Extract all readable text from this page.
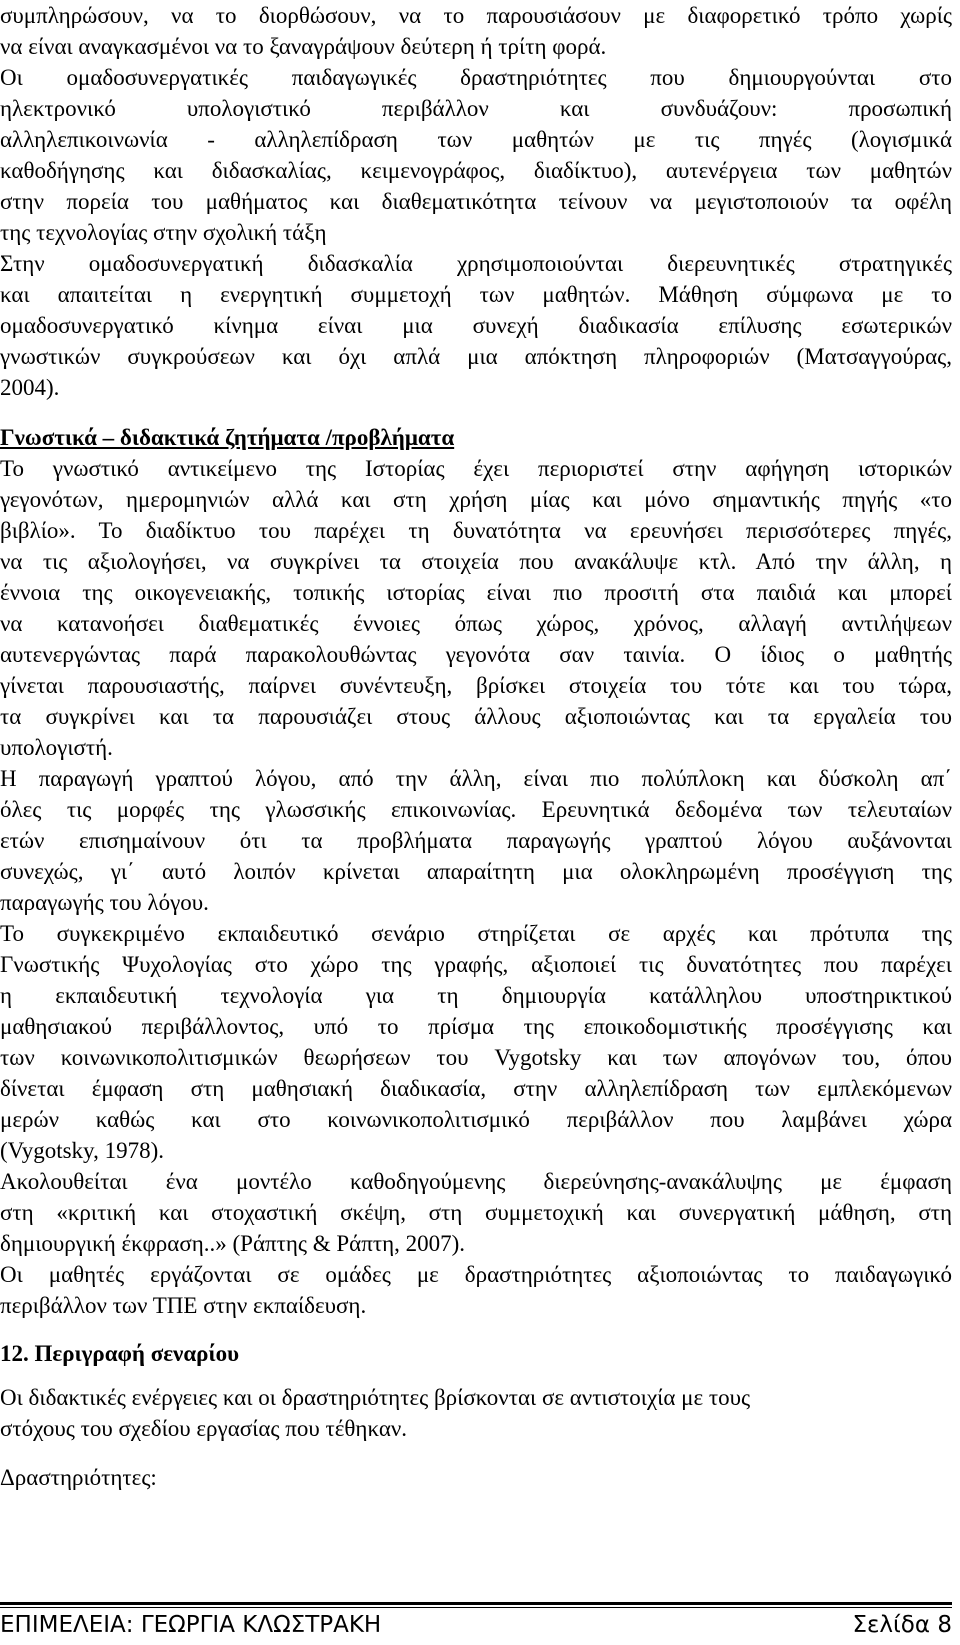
συμπληρώσουν, να το διορθώσουν, να το παρουσιάσουν με διαφορετικό τρόπο χωρίς
να είναι αναγκασμένοι να το ξαναγράψουν δεύτερη ή τρίτη φορά.
Οι ομαδοσυνεργατικές παιδαγωγικές δραστηριότητες που δημιουργούνται στο
ηλεκτρονικό υπολογιστικό περιβάλλον και συνδυάζουν: προσωπική
αλληλεπικοινωνία - αλληλεπίδραση των μαθητών με τις πηγές (λογισμικά
καθοδήγησης και διδασκαλίας, κειμενογράφος, διαδίκτυο), αυτενέργεια των μαθητών
στην πορεία του μαθήματος και διαθεματικότητα τείνουν να μεγιστοποιούν τα οφέλη
της τεχνολογίας στην σχολική τάξη
Στην ομαδοσυνεργατική διδασκαλία χρησιμοποιούνται διερευνητικές στρατηγικές
και απαιτείται η ενεργητική συμμετοχή των μαθητών. Μάθηση σύμφωνα με το
ομαδοσυνεργατικό κίνημα είναι μια συνεχή διαδικασία επίλυσης εσωτερικών
γνωστικών συγκρούσεων και όχι απλά μια απόκτηση πληροφοριών (Ματσαγγούρας,
2004).
Γνωστικά – διδακτικά ζητήματα /προβλήματα
Το γνωστικό αντικείμενο της Ιστορίας έχει περιοριστεί στην αφήγηση ιστορικών
γεγονότων, ημερομηνιών αλλά και στη χρήση μίας και μόνο σημαντικής πηγής «το
βιβλίο». Το διαδίκτυο του παρέχει τη δυνατότητα να ερευνήσει περισσότερες πηγές,
να τις αξιολογήσει, να συγκρίνει τα στοιχεία που ανακάλυψε κτλ. Από την άλλη, η
έννοια της οικογενειακής, τοπικής ιστορίας είναι πιο προσιτή στα παιδιά και μπορεί
να κατανοήσει διαθεματικές έννοιες όπως χώρος, χρόνος, αλλαγή αντιλήψεων
αυτενεργώντας παρά παρακολουθώντας γεγονότα σαν ταινία. Ο ίδιος ο μαθητής
γίνεται παρουσιαστής, παίρνει συνέντευξη, βρίσκει στοιχεία του τότε και του τώρα,
τα συγκρίνει και τα παρουσιάζει στους άλλους αξιοποιώντας και τα εργαλεία του
υπολογιστή.
Η παραγωγή γραπτού λόγου, από την άλλη, είναι πιο πολύπλοκη και δύσκολη απ΄
όλες τις μορφές της γλωσσικής επικοινωνίας. Ερευνητικά δεδομένα των τελευταίων
ετών επισημαίνουν ότι τα προβλήματα παραγωγής γραπτού λόγου αυξάνονται
συνεχώς, γι΄ αυτό λοιπόν κρίνεται απαραίτητη μια ολοκληρωμένη προσέγγιση της
παραγωγής του λόγου.
Το συγκεκριμένο εκπαιδευτικό σενάριο στηρίζεται σε αρχές και πρότυπα της
Γνωστικής Ψυχολογίας στο χώρο της γραφής, αξιοποιεί τις δυνατότητες που παρέχει
η εκπαιδευτική τεχνολογία για τη δημιουργία κατάλληλου υποστηρικτικού
μαθησιακού περιβάλλοντος, υπό το πρίσμα της εποικοδομιστικής προσέγγισης και
των κοινωνικοπολιτισμικών θεωρήσεων του Vygotsky και των απογόνων του, όπου
δίνεται έμφαση στη μαθησιακή διαδικασία, στην αλληλεπίδραση των εμπλεκόμενων
μερών καθώς και στο κοινωνικοπολιτισμικό περιβάλλον που λαμβάνει χώρα
(Vygotsky, 1978).
Ακολουθείται ένα μοντέλο καθοδηγούμενης διερεύνησης-ανακάλυψης με έμφαση
στη «κριτική και στοχαστική σκέψη, στη συμμετοχική και συνεργατική μάθηση, στη
δημιουργική έκφραση..» (Ράπτης & Ράπτη, 2007).
Οι μαθητές εργάζονται σε ομάδες με δραστηριότητες αξιοποιώντας το παιδαγωγικό
περιβάλλον των ΤΠΕ στην εκπαίδευση.
12. Περιγραφή σεναρίου
Οι διδακτικές ενέργειες και οι δραστηριότητες βρίσκονται σε αντιστοιχία με τους
στόχους του σχεδίου εργασίας που τέθηκαν.
Δραστηριότητες:
ΕΠΙΜΕΛΕΙΑ: ΓΕΩΡΓΙΑ ΚΛΩΣΤΡΑΚΗ	Σελίδα 8
